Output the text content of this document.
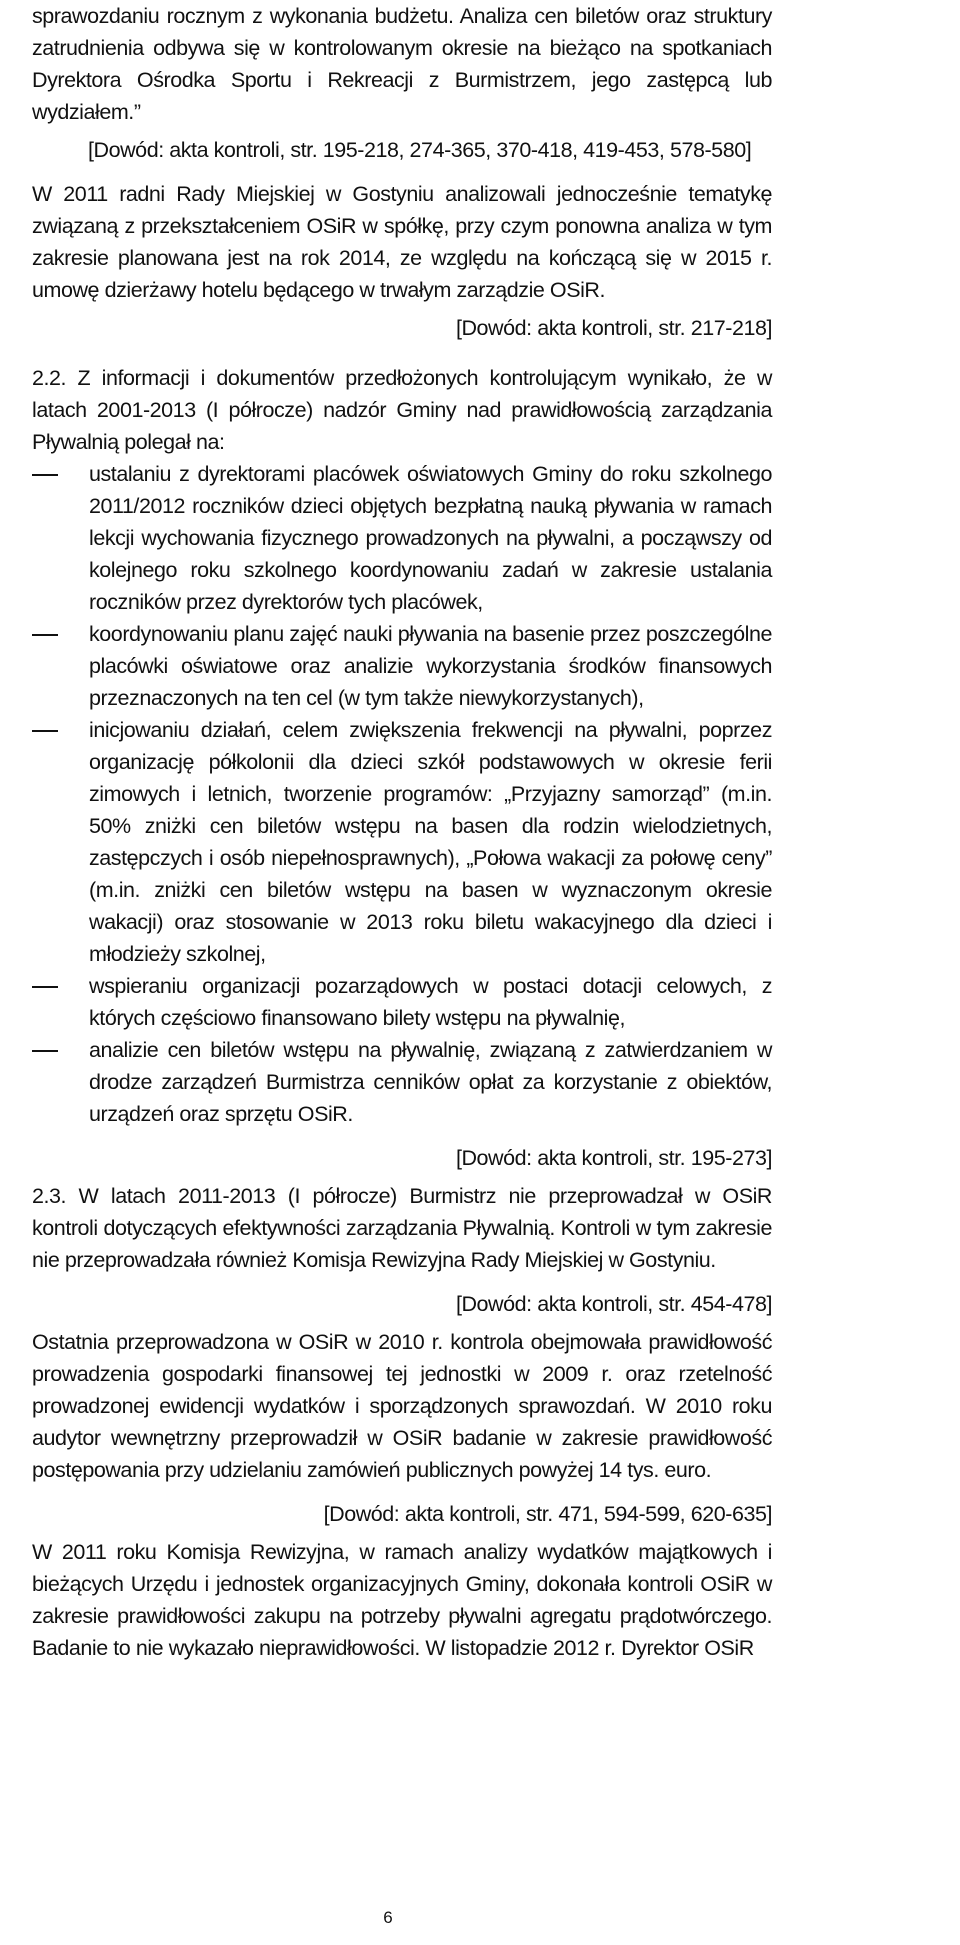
sprawozdaniu rocznym z wykonania budżetu. Analiza cen biletów oraz struktury zatrudnienia odbywa się w kontrolowanym okresie na bieżąco na spotkaniach Dyrektora Ośrodka Sportu i Rekreacji z Burmistrzem, jego zastępcą lub wydziałem.”

[Dowód: akta kontroli, str. 195-218, 274-365, 370-418, 419-453, 578-580]

W 2011 radni Rady Miejskiej w Gostyniu analizowali jednocześnie tematykę związaną z przekształceniem OSiR w spółkę, przy czym ponowna analiza w tym zakresie planowana jest na rok 2014, ze względu na kończącą się w 2015 r. umowę dzierżawy hotelu będącego w trwałym zarządzie OSiR.

[Dowód: akta kontroli, str. 217-218]

2.2. Z informacji i dokumentów przedłożonych kontrolującym wynikało, że w latach 2001-2013 (I półrocze) nadzór Gminy nad prawidłowością zarządzania Pływalnią polegał na:

ustalaniu z dyrektorami placówek oświatowych Gminy do roku szkolnego 2011/2012 roczników dzieci objętych bezpłatną nauką pływania w ramach lekcji wychowania fizycznego prowadzonych na pływalni, a począwszy od kolejnego roku szkolnego koordynowaniu zadań w zakresie ustalania roczników przez dyrektorów tych placówek,
koordynowaniu planu zajęć nauki pływania na basenie przez poszczególne placówki oświatowe oraz analizie wykorzystania środków finansowych przeznaczonych na ten cel (w tym także niewykorzystanych),
inicjowaniu działań, celem zwiększenia frekwencji na pływalni, poprzez organizację półkolonii dla dzieci szkół podstawowych w okresie ferii zimowych i letnich, tworzenie programów: „Przyjazny samorząd” (m.in. 50% zniżki cen biletów wstępu na basen dla rodzin wielodzietnych, zastępczych i osób niepełnosprawnych), „Połowa wakacji za połowę ceny” (m.in. zniżki cen biletów wstępu na basen w wyznaczonym okresie wakacji) oraz stosowanie w 2013 roku biletu wakacyjnego dla dzieci i młodzieży szkolnej,
wspieraniu organizacji pozarządowych w postaci dotacji celowych, z których częściowo finansowano bilety wstępu na pływalnię,
analizie cen biletów wstępu na pływalnię, związaną z zatwierdzaniem w drodze zarządzeń Burmistrza cenników opłat za korzystanie z obiektów, urządzeń oraz sprzętu OSiR.

[Dowód: akta kontroli, str. 195-273]

2.3. W latach 2011-2013 (I półrocze) Burmistrz nie przeprowadzał w OSiR kontroli dotyczących efektywności zarządzania Pływalnią. Kontroli w tym zakresie nie przeprowadzała również Komisja Rewizyjna Rady Miejskiej w Gostyniu.

[Dowód: akta kontroli, str. 454-478]

Ostatnia przeprowadzona w OSiR w 2010 r. kontrola obejmowała prawidłowość prowadzenia gospodarki finansowej tej jednostki w 2009 r. oraz rzetelność prowadzonej ewidencji wydatków i sporządzonych sprawozdań. W 2010 roku audytor wewnętrzny przeprowadził w OSiR badanie w zakresie prawidłowość postępowania przy udzielaniu zamówień publicznych powyżej 14 tys. euro.

[Dowód: akta kontroli, str. 471, 594-599, 620-635]

W 2011 roku Komisja Rewizyjna, w ramach analizy wydatków majątkowych i bieżących Urzędu i jednostek organizacyjnych Gminy, dokonała kontroli OSiR w zakresie prawidłowości zakupu na potrzeby pływalni agregatu prądotwórczego. Badanie to nie wykazało nieprawidłowości. W listopadzie 2012 r. Dyrektor OSiR

6
